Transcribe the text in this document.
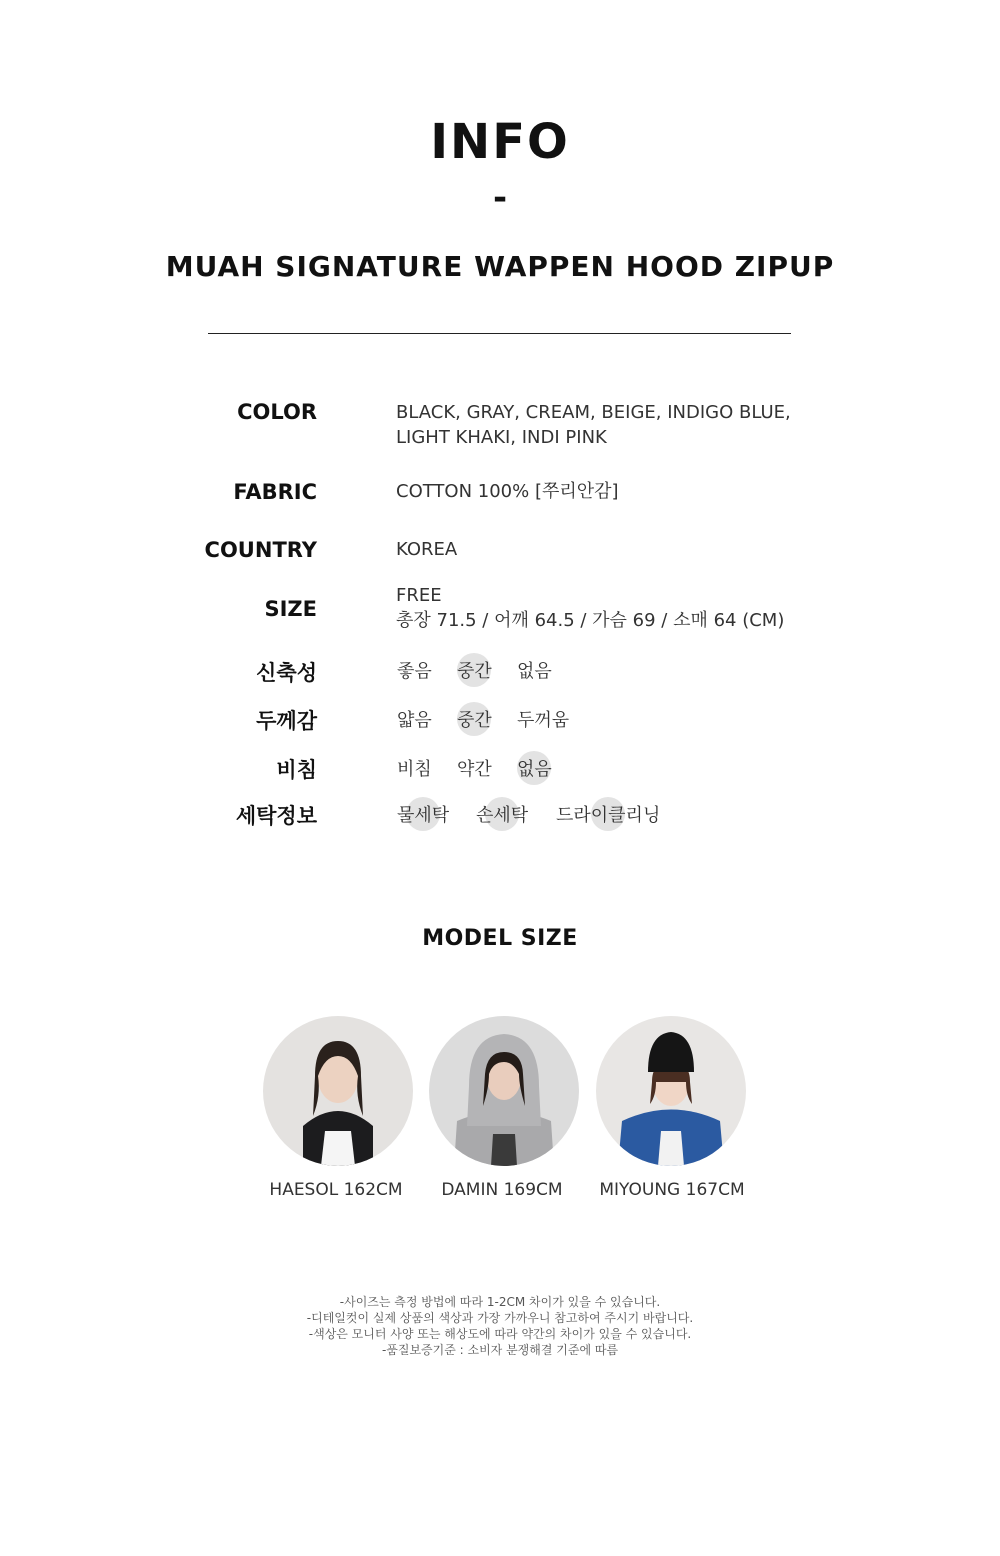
INFO
-
MUAH SIGNATURE WAPPEN HOOD ZIPUP
COLOR	BLACK, GRAY, CREAM, BEIGE, INDIGO BLUE,
LIGHT KHAKI, INDI PINK
FABRIC	COTTON 100% [쭈리안감]
COUNTRY	KOREA
SIZE
FREE
총장 71.5 / 어깨 64.5 / 가슴 69 / 소매 64 (CM)
신축성	좋음 중간 없음
두께감	얇음 중간 두꺼움
비침	비침 약간 없음
세탁정보	물세탁 손세탁 드라이클리닝
MODEL SIZE
HAESOL 162CM	DAMIN 169CM	MIYOUNG 167CM
-사이즈는 측정 방법에 따라 1-2CM 차이가 있을 수 있습니다.
-디테일컷이 실제 상품의 색상과 가장 가까우니 참고하여 주시기 바랍니다.
-색상은 모니터 사양 또는 해상도에 따라 약간의 차이가 있을 수 있습니다.
-품질보증기준 : 소비자 분쟁해결 기준에 따름
